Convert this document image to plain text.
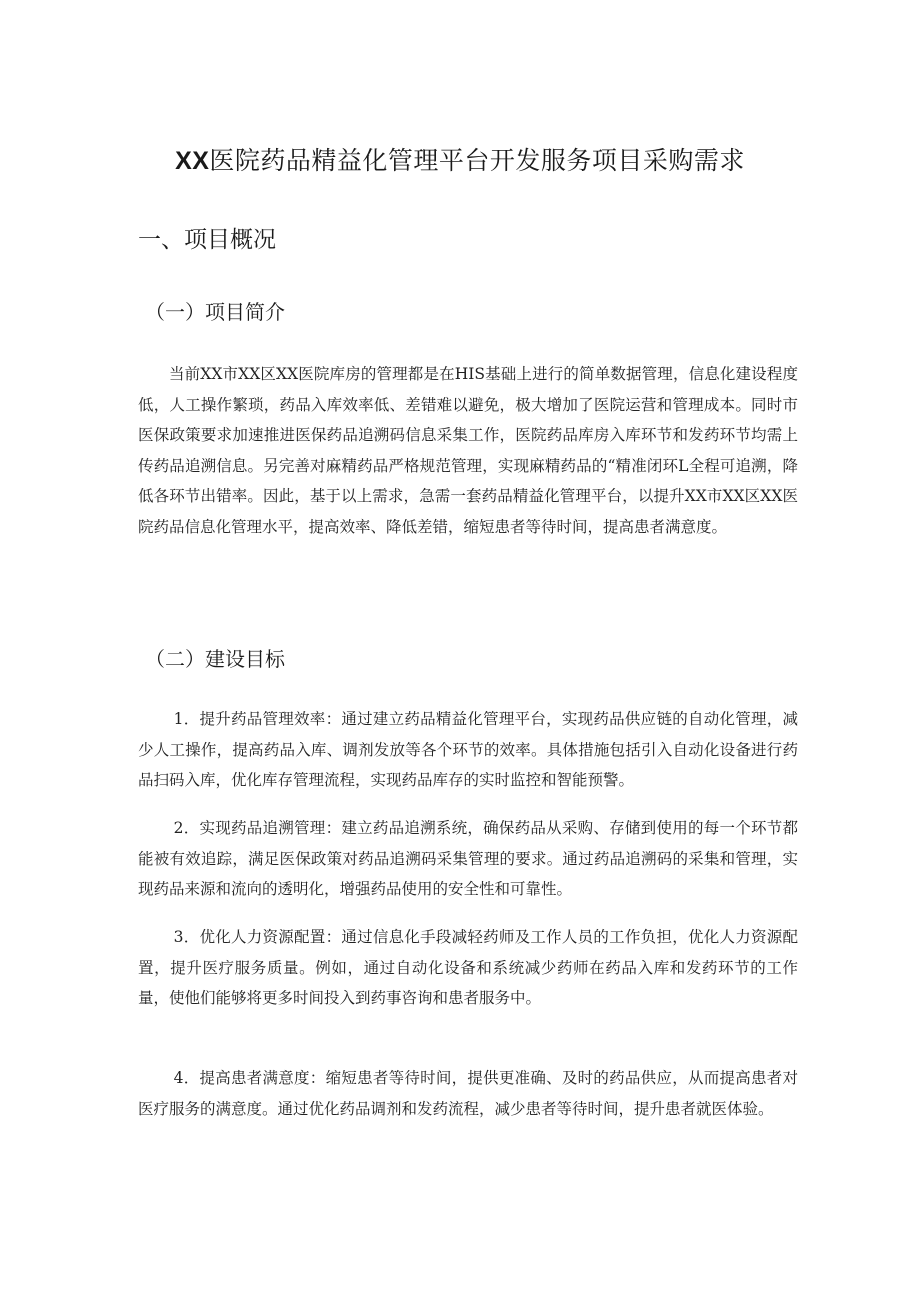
XX医院药品精益化管理平台开发服务项目采购需求
一、项目概况
（一）项目简介

当前XX市XX区XX医院库房的管理都是在HIS基础上进行的简单数据管理，信息化建设程度低，人工操作繁琐，药品入库效率低、差错难以避免，极大增加了医院运营和管理成本。同时市医保政策要求加速推进医保药品追溯码信息采集工作，医院药品库房入库环节和发药环节均需上传药品追溯信息。另完善对麻精药品严格规范管理，实现麻精药品的“精准闭环L全程可追溯，降低各环节出错率。因此，基于以上需求，急需一套药品精益化管理平台，以提升XX市XX区XX医院药品信息化管理水平，提高效率、降低差错，缩短患者等待时间，提高患者满意度。

（二）建设目标

1．提升药品管理效率：通过建立药品精益化管理平台，实现药品供应链的自动化管理，减少人工操作，提高药品入库、调剂发放等各个环节的效率。具体措施包括引入自动化设备进行药品扫码入库，优化库存管理流程，实现药品库存的实时监控和智能预警。

2．实现药品追溯管理：建立药品追溯系统，确保药品从采购、存储到使用的每一个环节都能被有效追踪，满足医保政策对药品追溯码采集管理的要求。通过药品追溯码的采集和管理，实现药品来源和流向的透明化，增强药品使用的安全性和可靠性。

3．优化人力资源配置：通过信息化手段减轻药师及工作人员的工作负担，优化人力资源配置，提升医疗服务质量。例如，通过自动化设备和系统减少药师在药品入库和发药环节的工作量，使他们能够将更多时间投入到药事咨询和患者服务中。

4．提高患者满意度：缩短患者等待时间，提供更准确、及时的药品供应，从而提高患者对医疗服务的满意度。通过优化药品调剂和发药流程，减少患者等待时间，提升患者就医体验。
